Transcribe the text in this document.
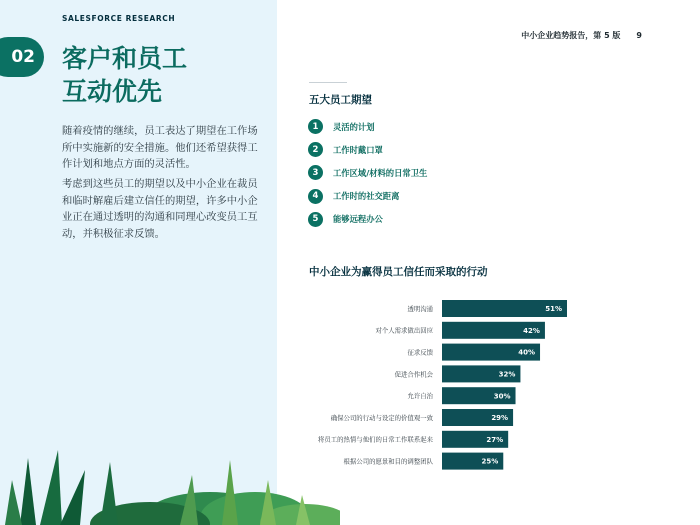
SALESFORCE RESEARCH
02 客户和员工
互动优先

随着疫情的继续，员工表达了期望在工作场所中实施新的安全措施。他们还希望获得工作计划和地点方面的灵活性。

考虑到这些员工的期望以及中小企业在裁员和临时解雇后建立信任的期望，许多中小企业正在通过透明的沟通和同理心改变员工互动，并积极征求反馈。

中小企业趋势报告，第 5 版 9
五大员工期望
1	灵活的计划
2	工作时戴口罩
3	工作区域/材料的日常卫生
4	工作时的社交距离
5	能够远程办公
中小企业为赢得员工信任而采取的行动
透明沟通	51%
对个人需求做出回应	42%
征求反馈	40%
促进合作机会	32%
允许自治	30%
确保公司的行动与设定的价值观一致	29%
将员工的热情与他们的日常工作联系起来	27%
根据公司的愿景和目的调整团队	25%
